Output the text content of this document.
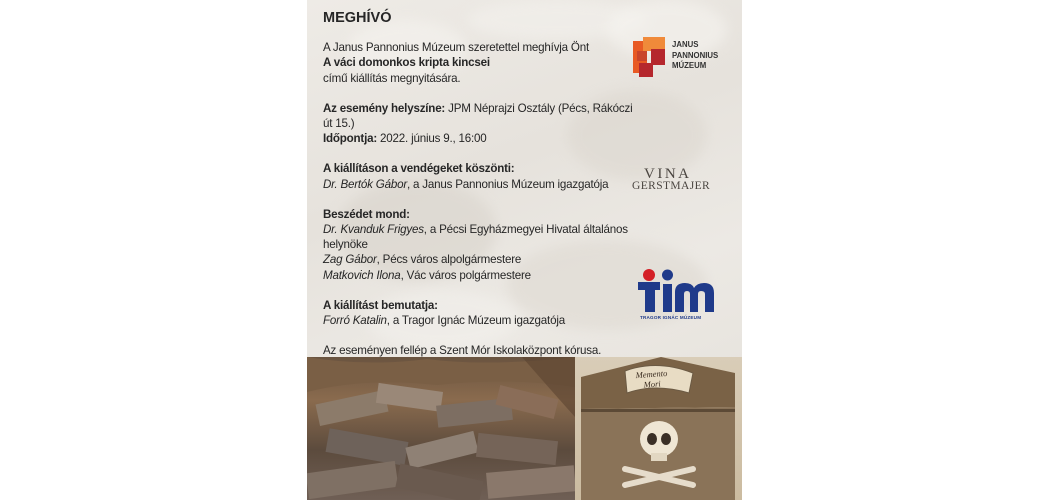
MEGHÍVÓ

A Janus Pannonius Múzeum szeretettel meghívja Önt

A váci domonkos kripta kincsei

című kiállítás megnyitására.

Az esemény helyszíne: JPM Néprajzi Osztály (Pécs, Rákóczi út 15.)

Időpontja: 2022. június 9., 16:00

A kiállításon a vendégeket köszönti:

Dr. Bertók Gábor, a Janus Pannonius Múzeum igazgatója

Beszédet mond:

Dr. Kvanduk Frigyes, a Pécsi Egyházmegyei Hivatal általános helynöke

Zag Gábor, Pécs város alpolgármestere

Matkovich Ilona, Vác város polgármestere

A kiállítást bemutatja:

Forró Katalin, a Tragor Ignác Múzeum igazgatója

Az eseményen fellép a Szent Mór Iskolaközpont kórusa.

JANUS
PANNONIUS
MÚZEUM
VINA
GERSTMAJER
TRAGOR IGNÁC MÚZEUM
Memento
Mori
